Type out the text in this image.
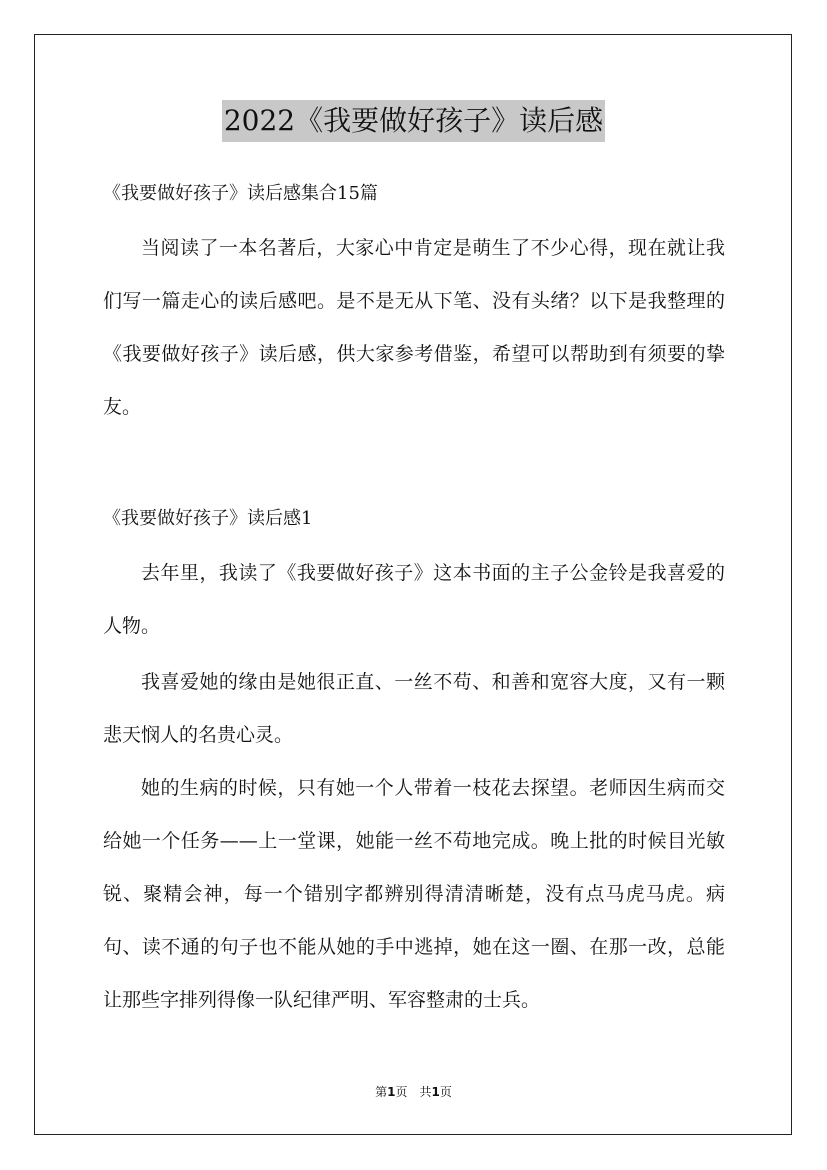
2022《我要做好孩子》读后感
《我要做好孩子》读后感集合15篇

当阅读了一本名著后，大家心中肯定是萌生了不少心得，现在就让我们写一篇走心的读后感吧。是不是无从下笔、没有头绪？以下是我整理的《我要做好孩子》读后感，供大家参考借鉴，希望可以帮助到有须要的挚友。

《我要做好孩子》读后感1

去年里，我读了《我要做好孩子》这本书面的主子公金铃是我喜爱的人物。

我喜爱她的缘由是她很正直、一丝不苟、和善和宽容大度，又有一颗悲天悯人的名贵心灵。

她的生病的时候，只有她一个人带着一枝花去探望。老师因生病而交给她一个任务——上一堂课，她能一丝不苟地完成。晚上批的时候目光敏锐、聚精会神，每一个错别字都辨别得清清晰楚，没有点马虎马虎。病句、读不通的句子也不能从她的手中逃掉，她在这一圈、在那一改，总能让那些字排列得像一队纪律严明、军容整肃的士兵。

第1页　共1页
